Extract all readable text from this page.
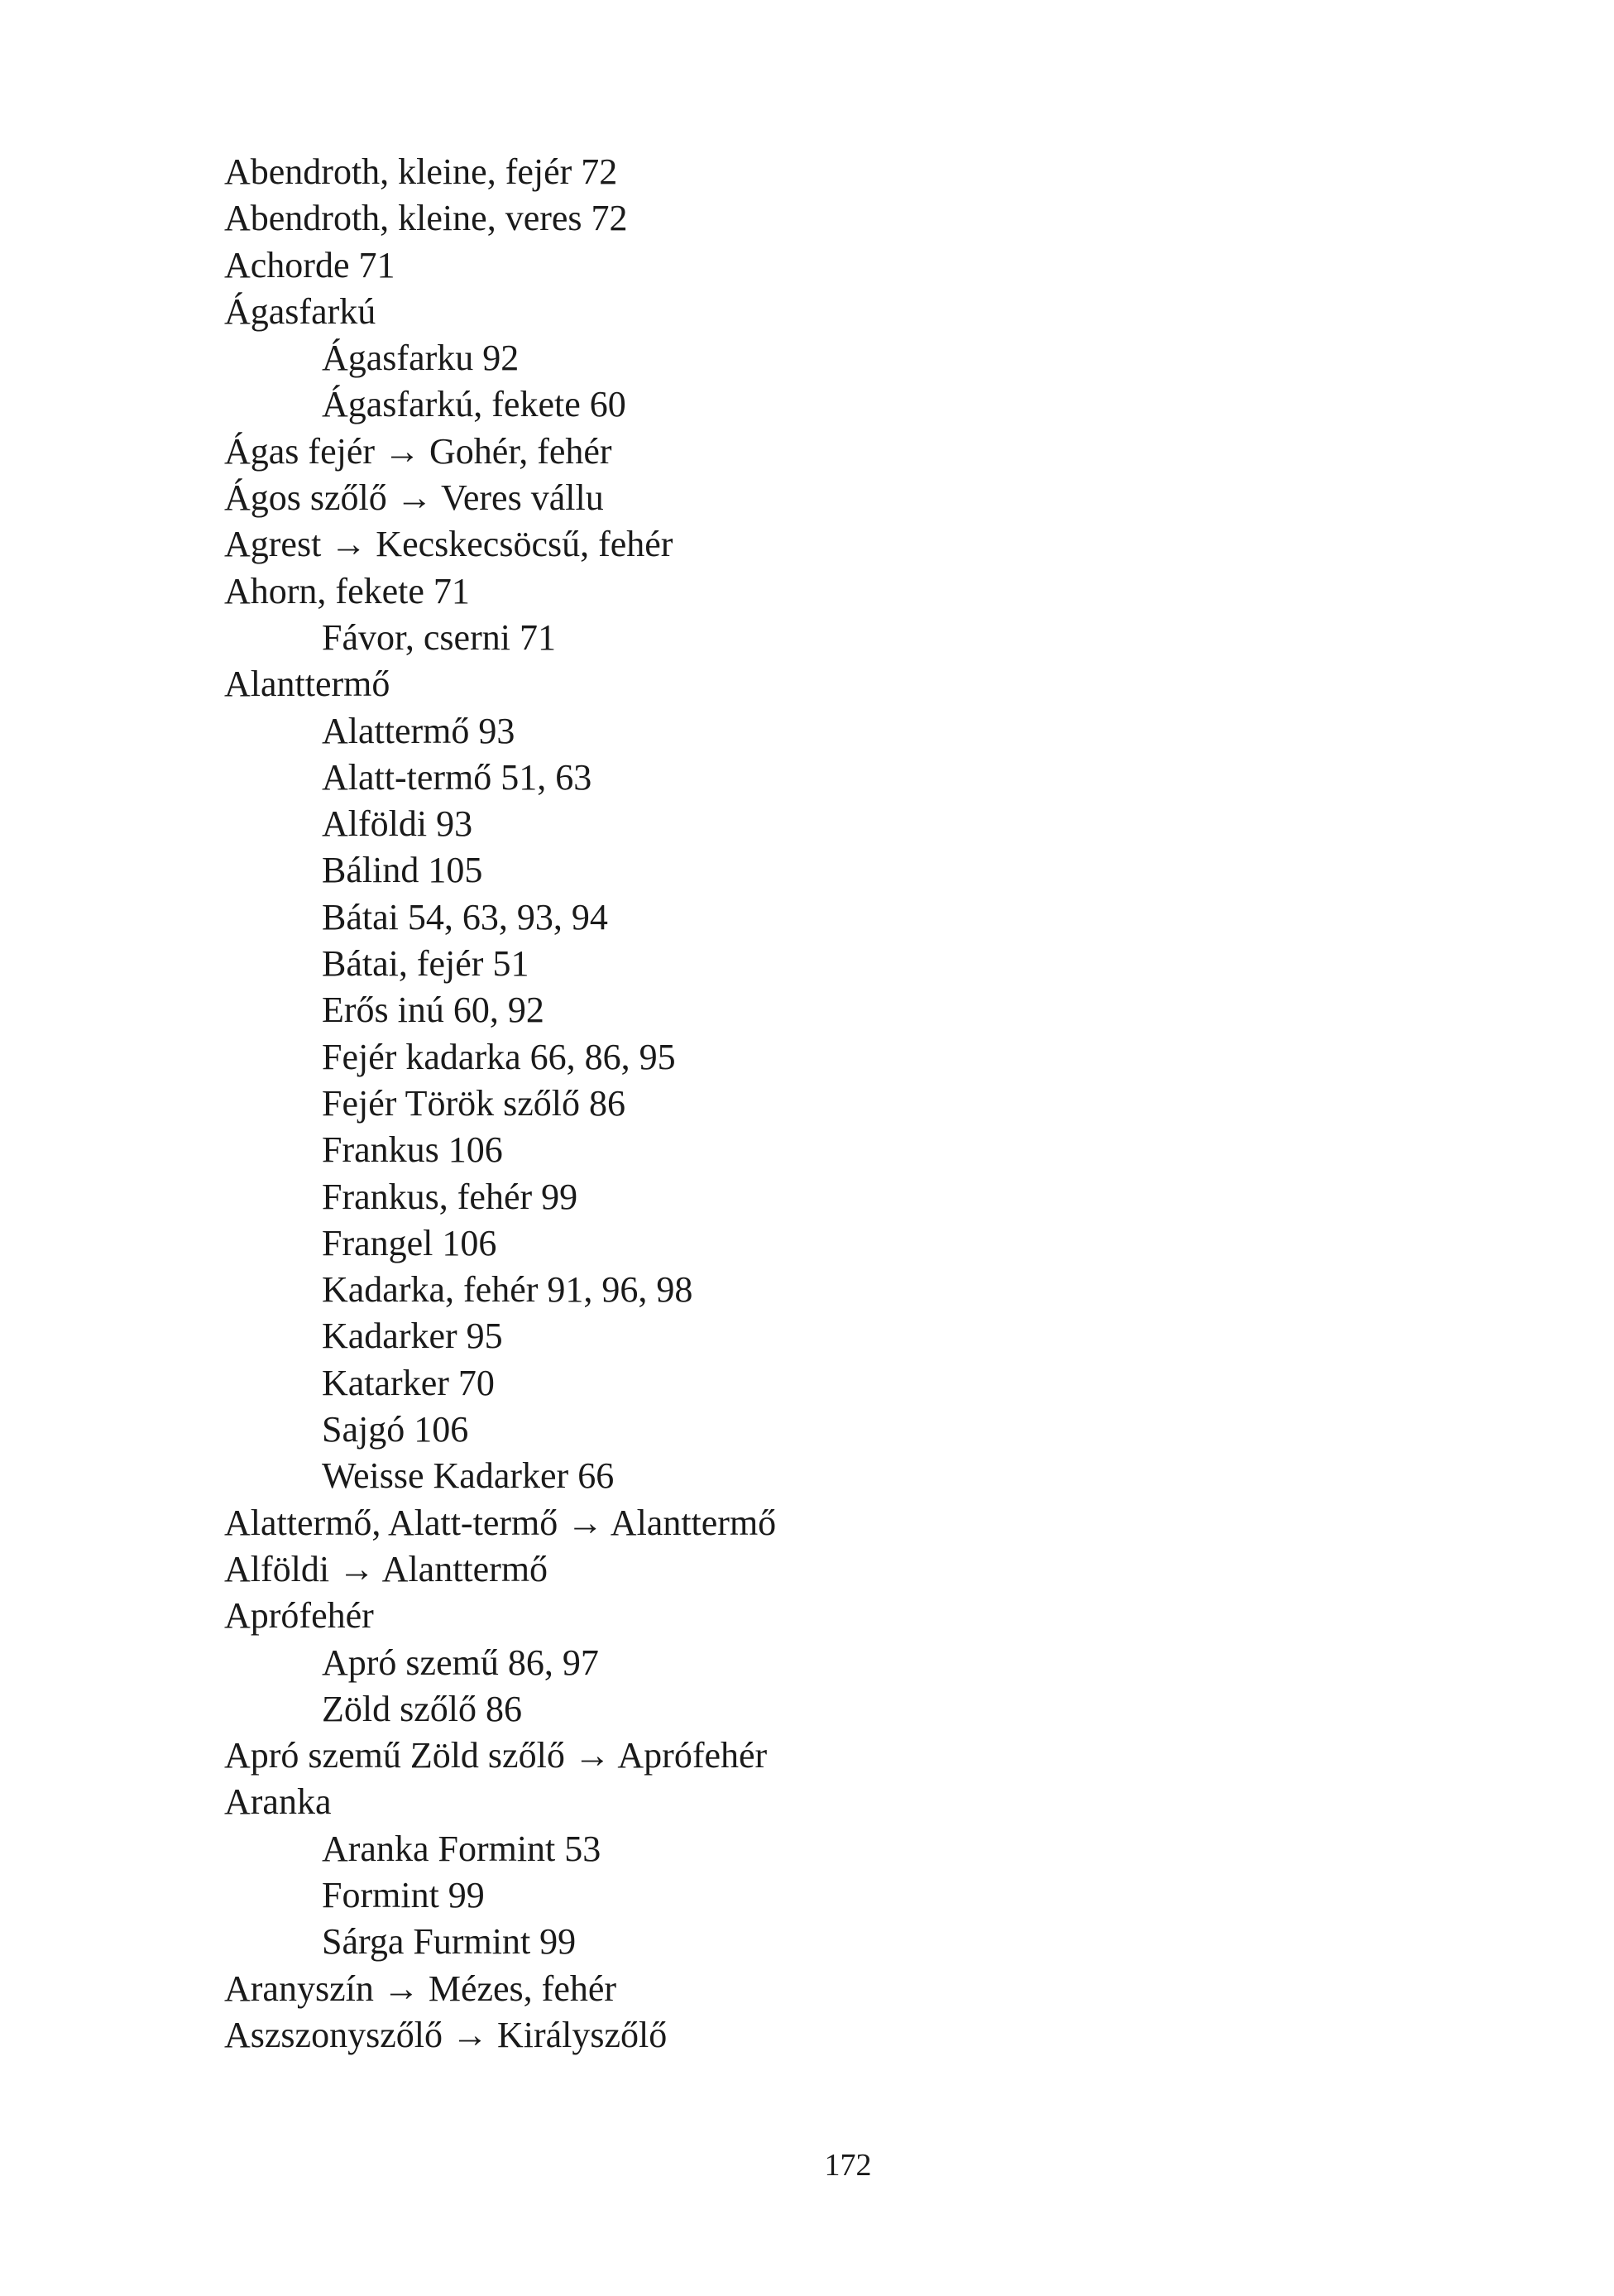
Abendroth, kleine, fejér 72
Abendroth, kleine, veres 72
Achorde 71
Ágasfarkú
Ágasfarku 92
Ágasfarkú, fekete 60
Ágas fejér → Gohér, fehér
Ágos szőlő → Veres vállu
Agrest → Kecskecsöcsű, fehér
Ahorn, fekete 71
Fávor, cserni 71
Alanttermő
Alattermő 93
Alatt-termő 51, 63
Alföldi 93
Bálind 105
Bátai 54, 63, 93, 94
Bátai, fejér 51
Erős inú 60, 92
Fejér kadarka 66, 86, 95
Fejér Török szőlő 86
Frankus 106
Frankus, fehér 99
Frangel 106
Kadarka, fehér 91, 96, 98
Kadarker 95
Katarker 70
Sajgó 106
Weisse Kadarker 66
Alattermő, Alatt-termő → Alanttermő
Alföldi → Alanttermő
Aprófehér
Apró szemű 86, 97
Zöld szőlő 86
Apró szemű Zöld szőlő → Aprófehér
Aranka
Aranka Formint 53
Formint 99
Sárga Furmint 99
Aranyszín → Mézes, fehér
Aszszonyszőlő → Királyszőlő
172
